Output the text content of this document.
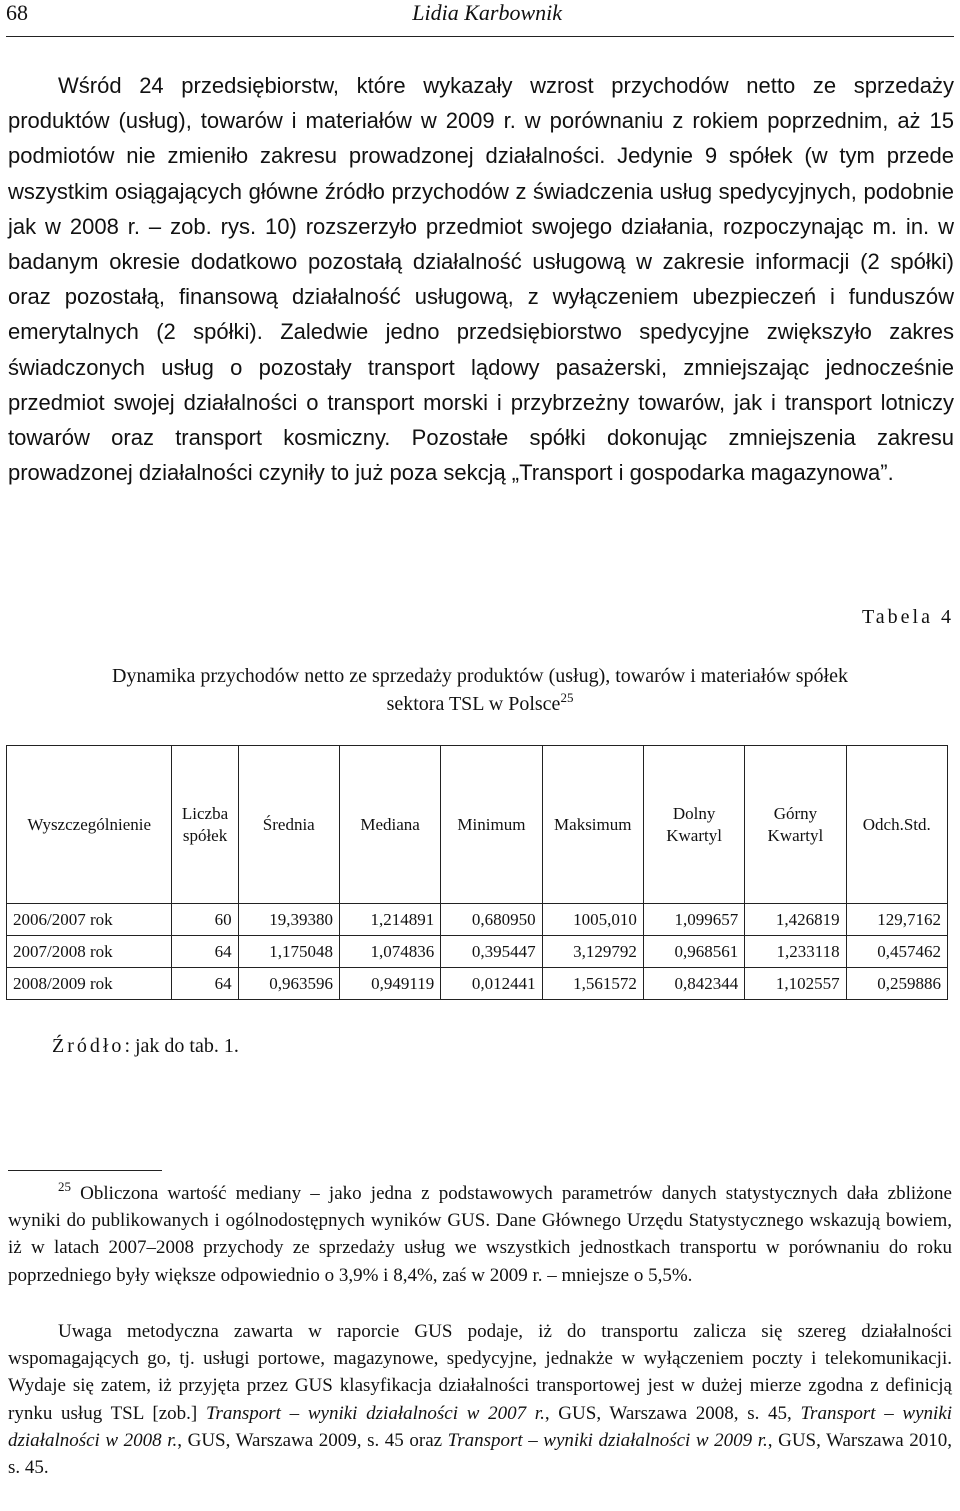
68	Lidia Karbownik

Wśród 24 przedsiębiorstw, które wykazały wzrost przychodów netto ze sprzedaży produktów (usług), towarów i materiałów w 2009 r. w porównaniu z rokiem poprzednim, aż 15 podmiotów nie zmieniło zakresu prowadzonej działalności. Jedynie 9 spółek (w tym przede wszystkim osiągających główne źródło przychodów z świadczenia usług spedycyjnych, podobnie jak w 2008 r. – zob. rys. 10) rozszerzyło przedmiot swojego działania, rozpoczynając m. in. w badanym okresie dodatkowo pozostałą działalność usługową w zakresie informacji (2 spółki) oraz pozostałą, finansową działalność usługową, z wyłączeniem ubezpieczeń i funduszów emerytalnych (2 spółki). Zaledwie jedno przedsiębiorstwo spedycyjne zwiększyło zakres świadczonych usług o pozostały transport lądowy pasażerski, zmniejszając jednocześnie przedmiot swojej działalności o transport morski i przybrzeżny towarów, jak i transport lotniczy towarów oraz transport kosmiczny. Pozostałe spółki dokonując zmniejszenia zakresu prowadzonej działalności czyniły to już poza sekcją „Transport i gospodarka magazynowa”.

Tabela 4
Dynamika przychodów netto ze sprzedaży produktów (usług), towarów i materiałów spółek
sektora TSL w Polsce$^{25}$
Wyszczególnienie	Liczba spółek	Średnia	Mediana	Minimum	Maksimum	Dolny Kwartyl	Górny Kwartyl	Odch.Std.
2006/2007 rok	60	19,39380	1,214891	0,680950	1005,010	1,099657	1,426819	129,7162
2007/2008 rok	64	1,175048	1,074836	0,395447	3,129792	0,968561	1,233118	0,457462
2008/2009 rok	64	0,963596	0,949119	0,012441	1,561572	0,842344	1,102557	0,259886
Źródło: jak do tab. 1.

$^{25}$ Obliczona wartość mediany – jako jedna z podstawowych parametrów danych statystycznych dała zbliżone wyniki do publikowanych i ogólnodostępnych wyników GUS. Dane Głównego Urzędu Statystycznego wskazują bowiem, iż w latach 2007–2008 przychody ze sprzedaży usług we wszystkich jednostkach transportu w porównaniu do roku poprzedniego były większe odpowiednio o 3,9% i 8,4%, zaś w 2009 r. – mniejsze o 5,5%.

Uwaga metodyczna zawarta w raporcie GUS podaje, iż do transportu zalicza się szereg działalności wspomagających go, tj. usługi portowe, magazynowe, spedycyjne, jednakże w wyłączeniem poczty i telekomunikacji. Wydaje się zatem, iż przyjęta przez GUS klasyfikacja działalności transportowej jest w dużej mierze zgodna z definicją rynku usług TSL [zob.] Transport – wyniki działalności w 2007 r., GUS, Warszawa 2008, s. 45, Transport – wyniki działalności w 2008 r., GUS, Warszawa 2009, s. 45 oraz Transport – wyniki działalności w 2009 r., GUS, Warszawa 2010, s. 45.
